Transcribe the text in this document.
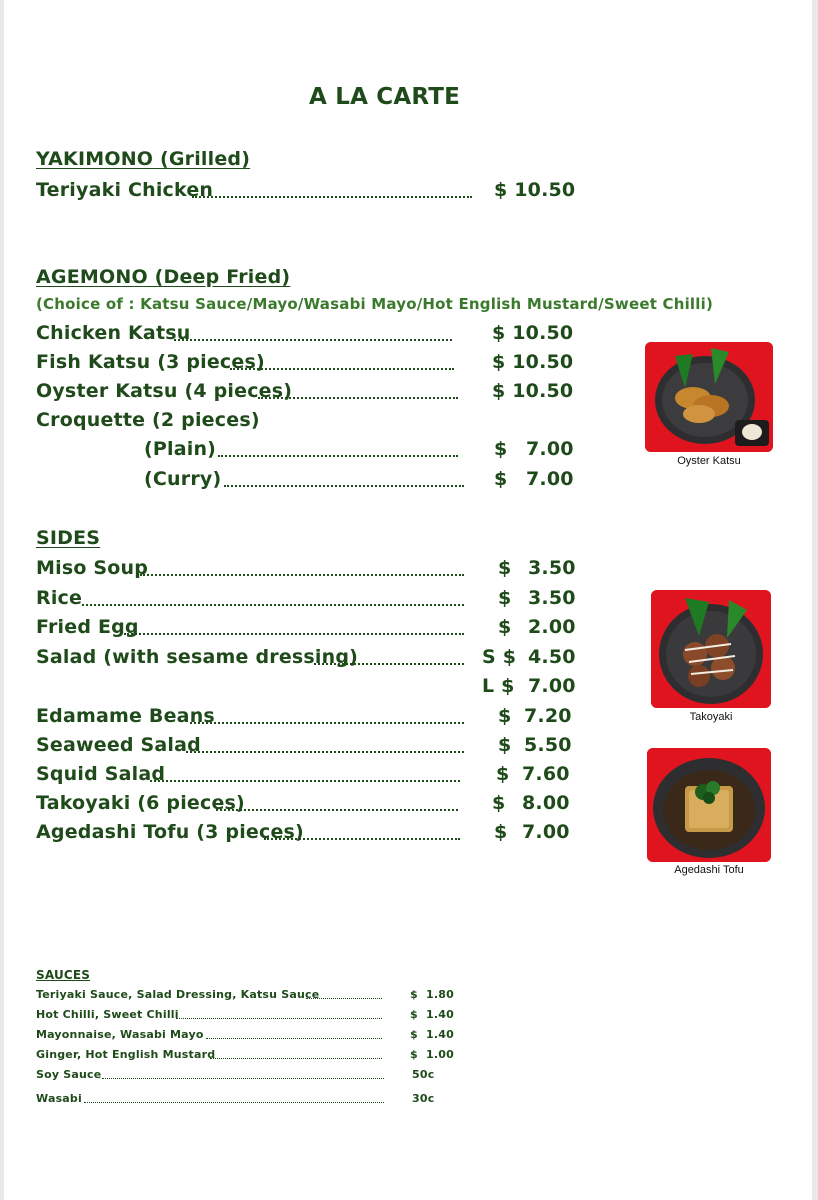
A LA CARTE
YAKIMONO (Grilled)
Teriyaki Chicken	$ 10.50
AGEMONO (Deep Fried)
(Choice of : Katsu Sauce/Mayo/Wasabi Mayo/Hot English Mustard/Sweet Chilli)
Chicken Katsu	$ 10.50
Fish Katsu (3 pieces)	$ 10.50
Oyster Katsu (4 pieces)	$ 10.50
Croquette (2 pieces)
(Plain)	$ 7.00
(Curry)	$ 7.00
SIDES
Miso Soup	$ 3.50
Rice	$ 3.50
Fried Egg	$ 2.00
Salad (with sesame dressing)	S $ 4.50
L $ 7.00
Edamame Beans	$ 7.20
Seaweed Salad	$ 5.50
Squid Salad	$ 7.60
Takoyaki (6 pieces)	$ 8.00
Agedashi Tofu (3 pieces)	$ 7.00
Oyster Katsu
Takoyaki
Agedashi Tofu
SAUCES
Teriyaki Sauce, Salad Dressing, Katsu Sauce	$ 1.80
Hot Chilli, Sweet Chilli	$ 1.40
Mayonnaise, Wasabi Mayo	$ 1.40
Ginger, Hot English Mustard	$ 1.00
Soy Sauce	50c
Wasabi	30c
